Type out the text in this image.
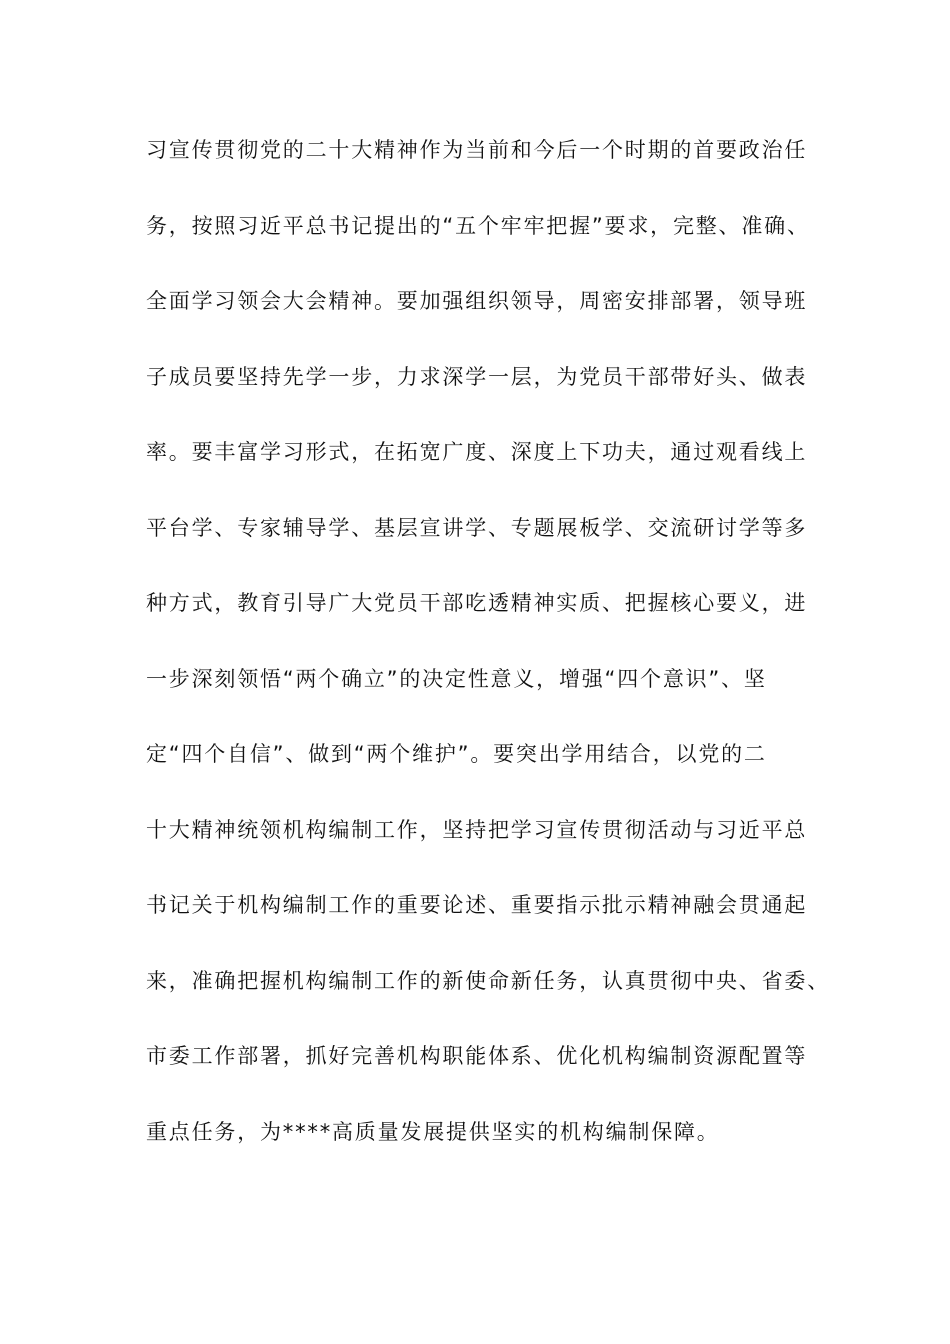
习宣传贯彻党的二十大精神作为当前和今后一个时期的首要政治任
务，按照习近平总书记提出的“五个牢牢把握”要求，完整、准确、
全面学习领会大会精神。要加强组织领导，周密安排部署，领导班
子成员要坚持先学一步，力求深学一层，为党员干部带好头、做表
率。要丰富学习形式，在拓宽广度、深度上下功夫，通过观看线上
平台学、专家辅导学、基层宣讲学、专题展板学、交流研讨学等多
种方式，教育引导广大党员干部吃透精神实质、把握核心要义，进
一步深刻领悟“两个确立”的决定性意义，增强“四个意识”、坚
定“四个自信”、做到“两个维护”。要突出学用结合，以党的二
十大精神统领机构编制工作，坚持把学习宣传贯彻活动与习近平总
书记关于机构编制工作的重要论述、重要指示批示精神融会贯通起
来，准确把握机构编制工作的新使命新任务，认真贯彻中央、省委、
市委工作部署，抓好完善机构职能体系、优化机构编制资源配置等
重点任务，为****高质量发展提供坚实的机构编制保障。
